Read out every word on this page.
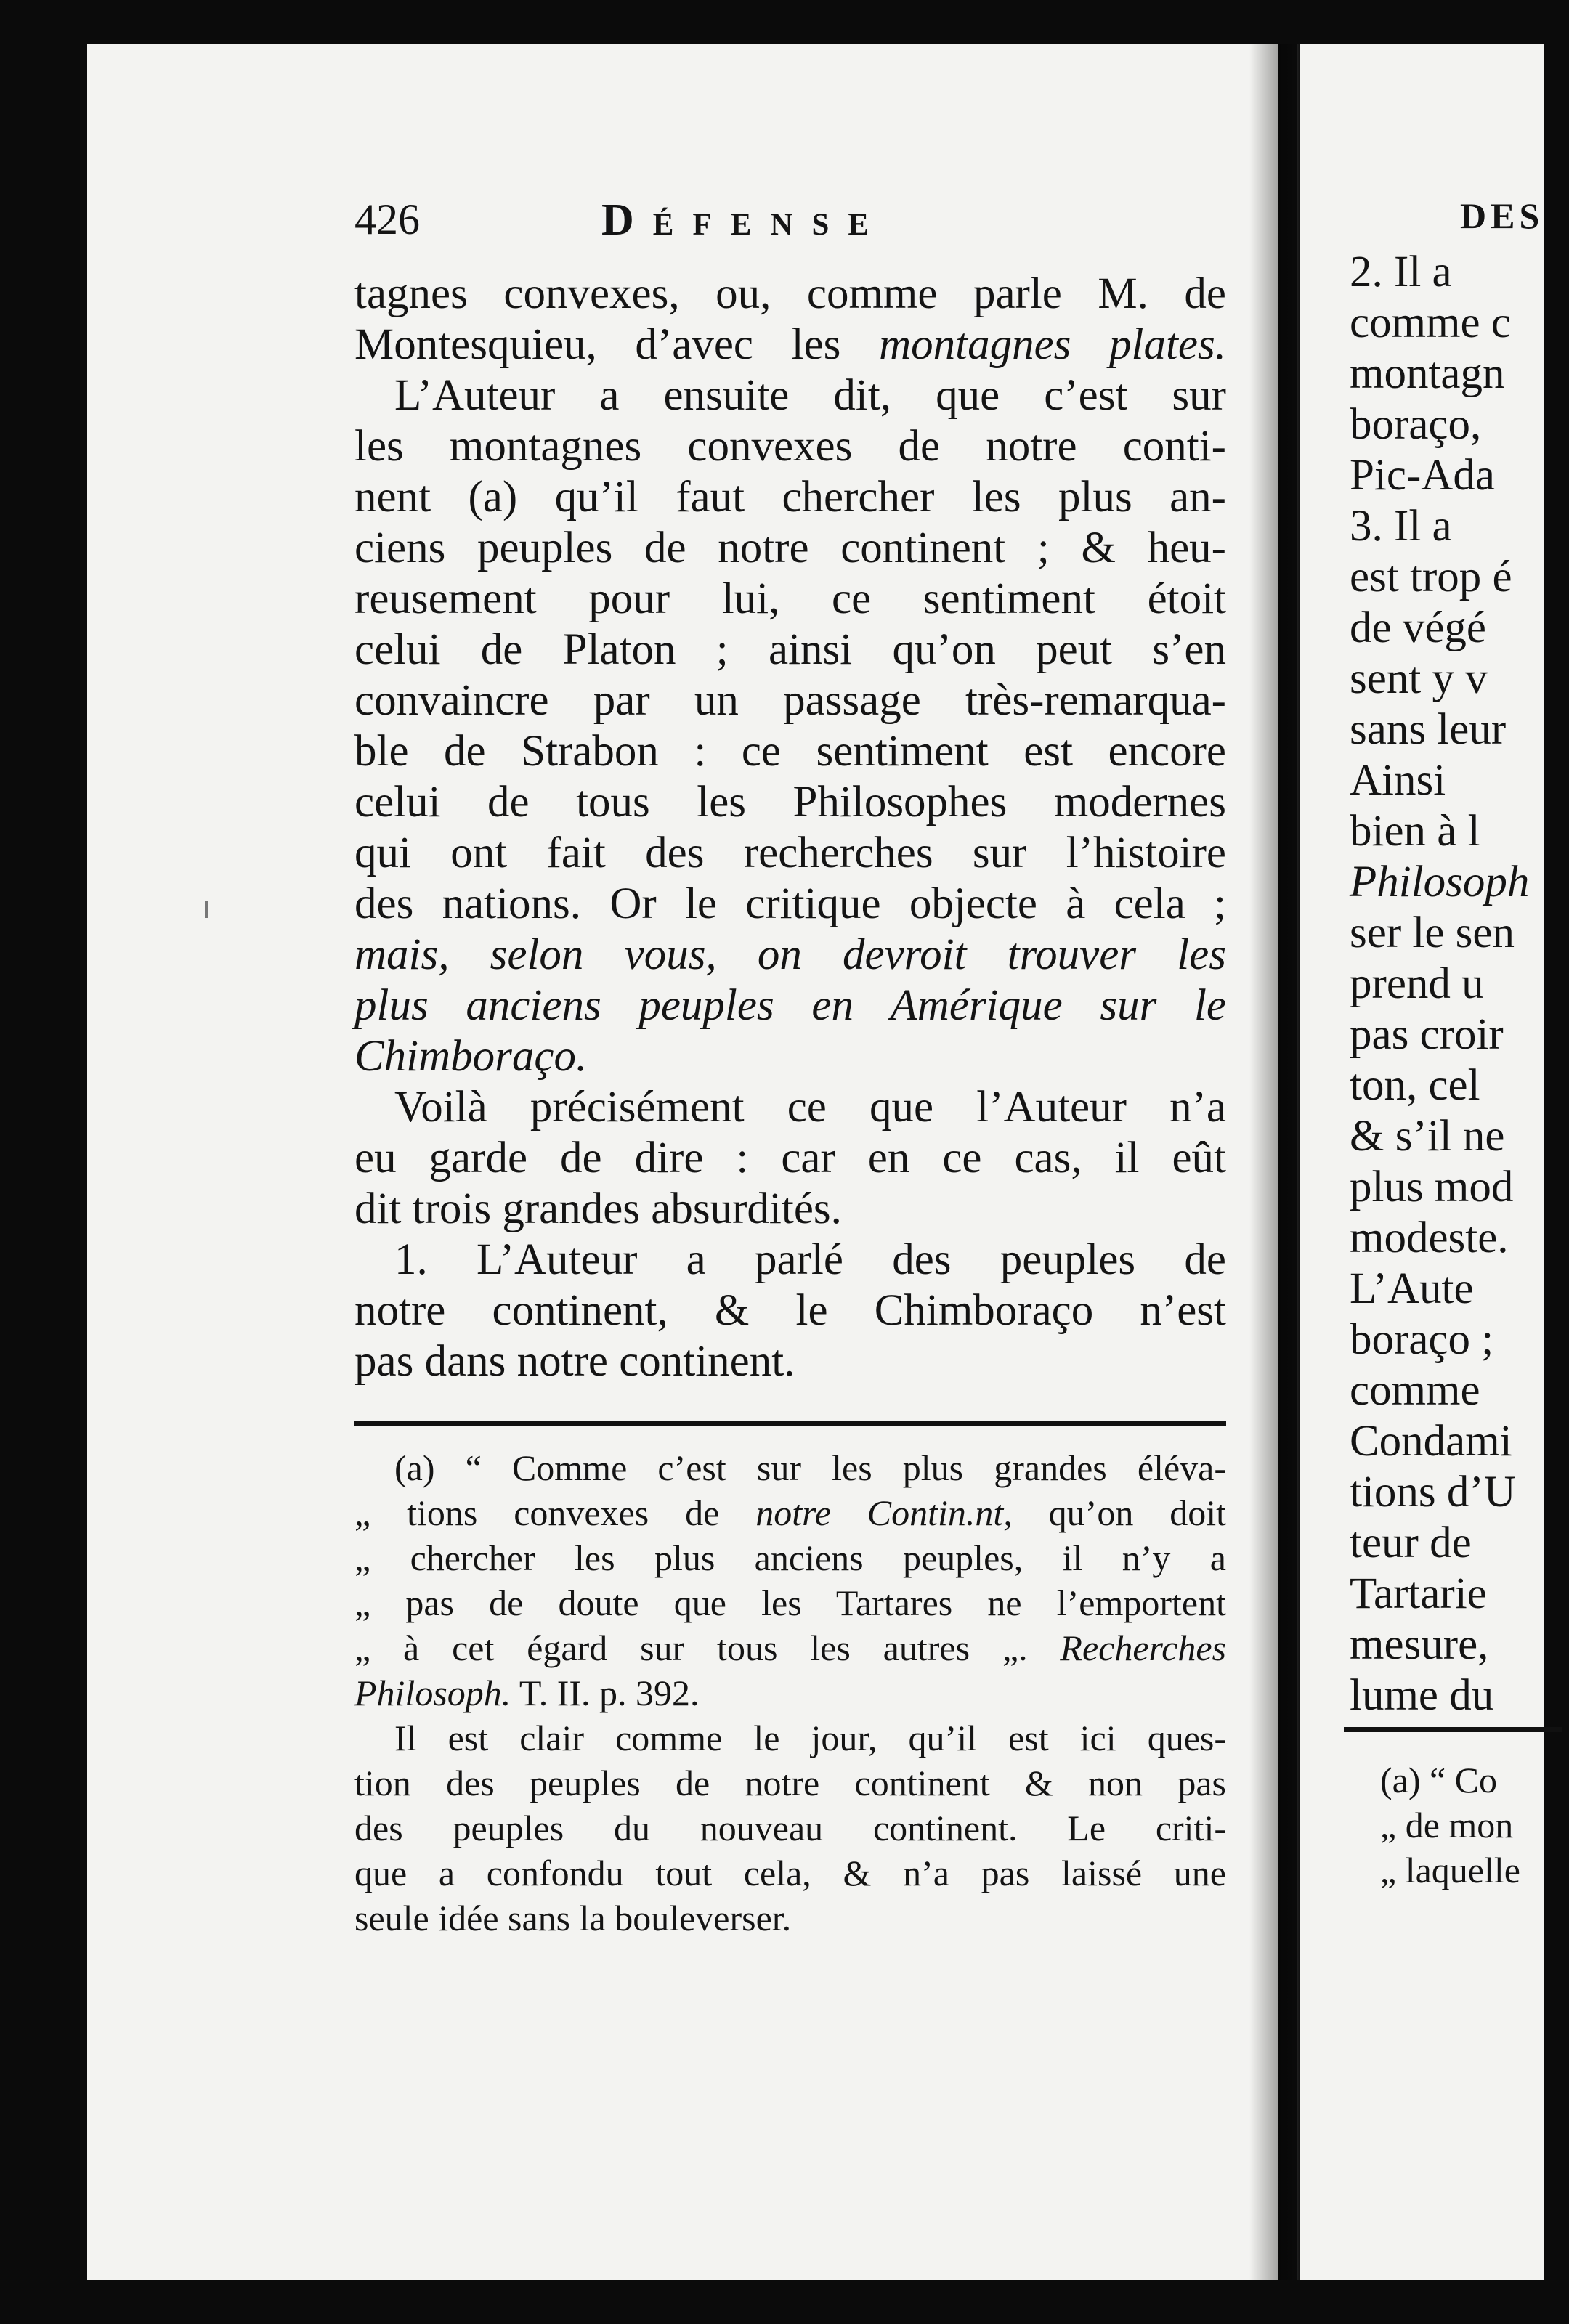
426	Défense
tagnes convexes, ou, comme parle M. de
Montesquieu, d’avec les montagnes plates.
L’Auteur a ensuite dit, que c’est sur
les montagnes convexes de notre conti-
nent (a) qu’il faut chercher les plus an-
ciens peuples de notre continent ; & heu-
reusement pour lui, ce sentiment étoit
celui de Platon ; ainsi qu’on peut s’en
convaincre par un passage très-remarqua-
ble de Strabon : ce sentiment est encore
celui de tous les Philosophes modernes
qui ont fait des recherches sur l’histoire
des nations. Or le critique objecte à cela ;
mais, selon vous, on devroit trouver les
plus anciens peuples en Amérique sur le
Chimboraço.
Voilà précisément ce que l’Auteur n’a
eu garde de dire : car en ce cas, il eût
dit trois grandes absurdités.
1. L’Auteur a parlé des peuples de
notre continent, & le Chimboraço n’est
pas dans notre continent.
(a) “ Comme c’est sur les plus grandes éléva-
„ tions convexes de notre Contin.nt, qu’on doit
„ chercher les plus anciens peuples, il n’y a
„ pas de doute que les Tartares ne l’emportent
„ à cet égard sur tous les autres „. Recherches
Philosoph. T. II. p. 392.
Il est clair comme le jour, qu’il est ici ques-
tion des peuples de notre continent & non pas
des peuples du nouveau continent. Le criti-
que a confondu tout cela, & n’a pas laissé une
seule idée sans la bouleverser.
DES
2. Il a
comme c
montagn
boraço,
Pic-Ada
3. Il a
est trop é
de végé
sent y v
sans leur
Ainsi
bien à l
Philosoph
ser le sen
prend u
pas croir
ton, cel
& s’il ne
plus mod
modeste.
L’Aute
boraço ;
comme
Condami
tions d’U
teur de
Tartarie
mesure,
lume du
(a) “ Co
„ de mon
„ laquelle
